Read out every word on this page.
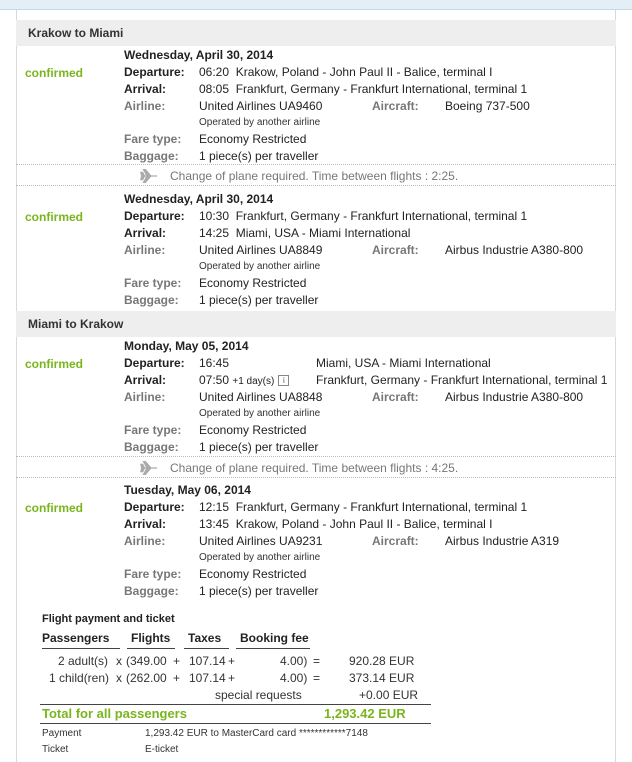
Krakow to Miami
confirmed
Wednesday, April 30, 2014
Departure: 06:20 Krakow, Poland - John Paul II - Balice, terminal I
Arrival:	08:05 Frankfurt, Germany - Frankfurt International, terminal 1
Airline:	United Airlines UA9460	Aircraft: Boeing 737-500
Operated by another airline
Fare type: Economy Restricted
Baggage: 1 piece(s) per traveller
Change of plane required. Time between flights : 2:25.
confirmed
Wednesday, April 30, 2014
Departure: 10:30 Frankfurt, Germany - Frankfurt International, terminal 1
Arrival:	14:25 Miami, USA - Miami International
Airline:	United Airlines UA8849	Aircraft: Airbus Industrie A380-800
Operated by another airline
Fare type: Economy Restricted
Baggage: 1 piece(s) per traveller
Miami to Krakow
confirmed
Monday, May 05, 2014
Departure: 16:45	Miami, USA - Miami International
Arrival:	07:50 +1 day(s) i	Frankfurt, Germany - Frankfurt International, terminal 1
Airline:	United Airlines UA8848	Aircraft: Airbus Industrie A380-800
Operated by another airline
Fare type: Economy Restricted
Baggage: 1 piece(s) per traveller
Change of plane required. Time between flights : 4:25.
confirmed
Tuesday, May 06, 2014
Departure: 12:15 Frankfurt, Germany - Frankfurt International, terminal 1
Arrival:	13:45 Krakow, Poland - John Paul II - Balice, terminal I
Airline:	United Airlines UA9231	Aircraft: Airbus Industrie A319
Operated by another airline
Fare type: Economy Restricted
Baggage: 1 piece(s) per traveller
Flight payment and ticket
Passengers Flights Taxes Booking fee
2 adult(s) x (349.00 + 107.14 +	4.00) = 920.28 EUR
1 child(ren) x (262.00 + 107.14 +	4.00) = 373.14 EUR
special requests	+0.00 EUR
Total for all passengers	1,293.42 EUR
Payment	1,293.42 EUR to MasterCard card ************7148
Ticket	E-ticket
